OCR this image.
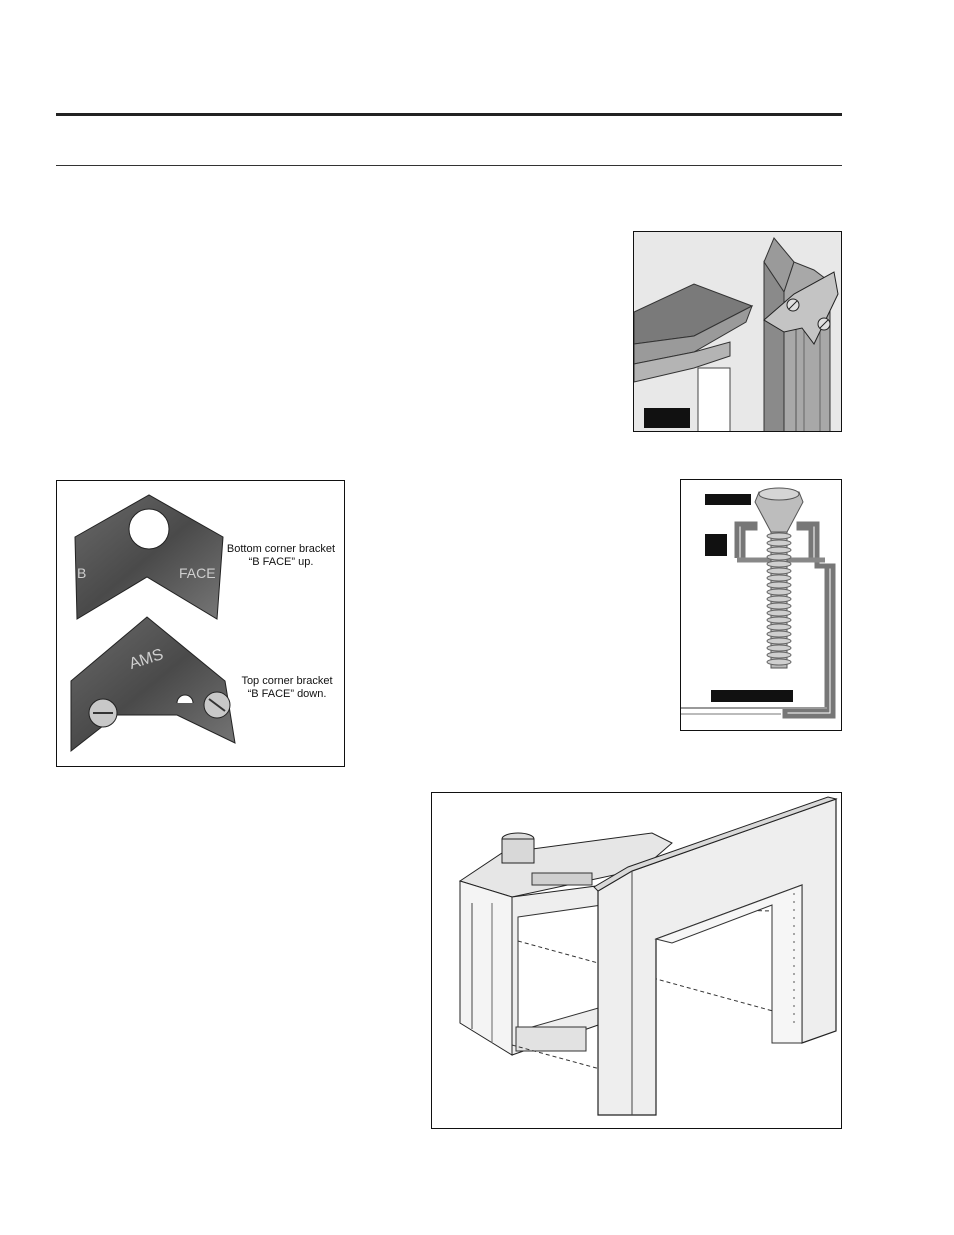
B	FACE
AMS
Bottom corner bracket
“B FACE” up.
Top corner bracket
“B FACE” down.
